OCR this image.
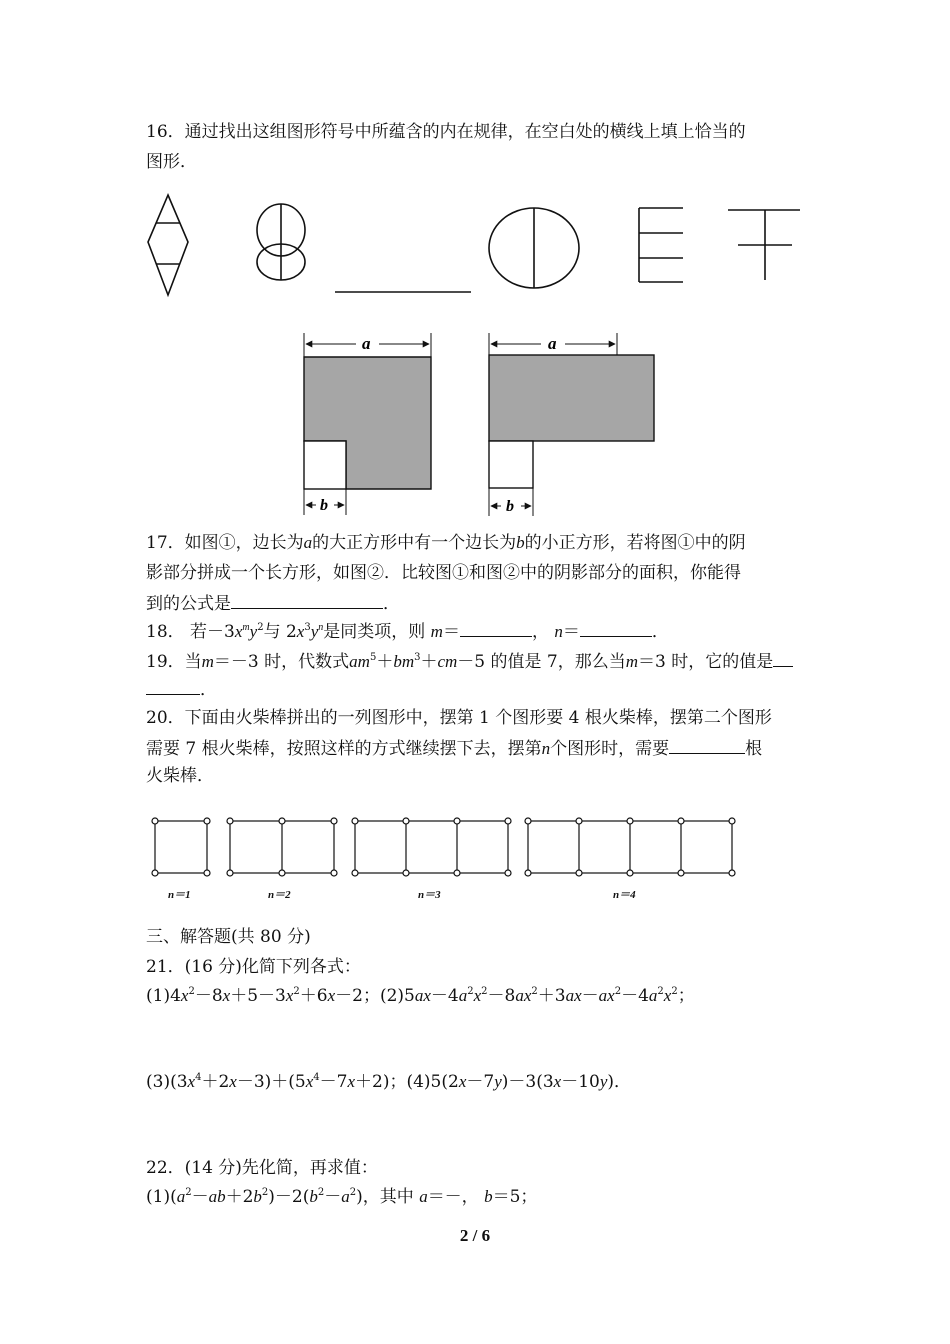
16．通过找出这组图形符号中所蕴含的内在规律，在空白处的横线上填上恰当的
图形．
a
b
a
b
17．如图①，边长为a的大正方形中有一个边长为b的小正方形，若将图①中的阴
影部分拼成一个长方形，如图②．比较图①和图②中的阴影部分的面积，你能得
到的公式是	．
18． 若$-3x^my^2$与 $2x^3y^n$是同类项，则 m＝	， n＝	．
19．当m＝－3 时，代数式$am^5+bm^3+cm-5$ 的值是 7，那么当m＝3 时，它的值是
．
20．下面由火柴棒拼出的一列图形中，摆第 1 个图形要 4 根火柴棒，摆第二个图形
需要 7 根火柴棒，按照这样的方式继续摆下去，摆第n个图形时，需要	根
火柴棒．
n＝1	n＝2	n＝3	n＝4
三、解答题(共 80 分)
21．(16 分)化简下列各式：
$(1)4x^2-8x+5-3x^2+6x-2$；$(2)5ax-4a^2x^2-8ax^2+3ax-ax^2-4a^2x^2$；
$(3)(3x^4+2x-3)+(5x^4-7x+2)$；(4)5(2x－7y)－3(3x－10y)．
22．(14 分)先化简，再求值：
$(1)(a^2-ab+2b^2)-2(b^2-a^2)$，其中 a＝－， b＝5；
2 / 6
